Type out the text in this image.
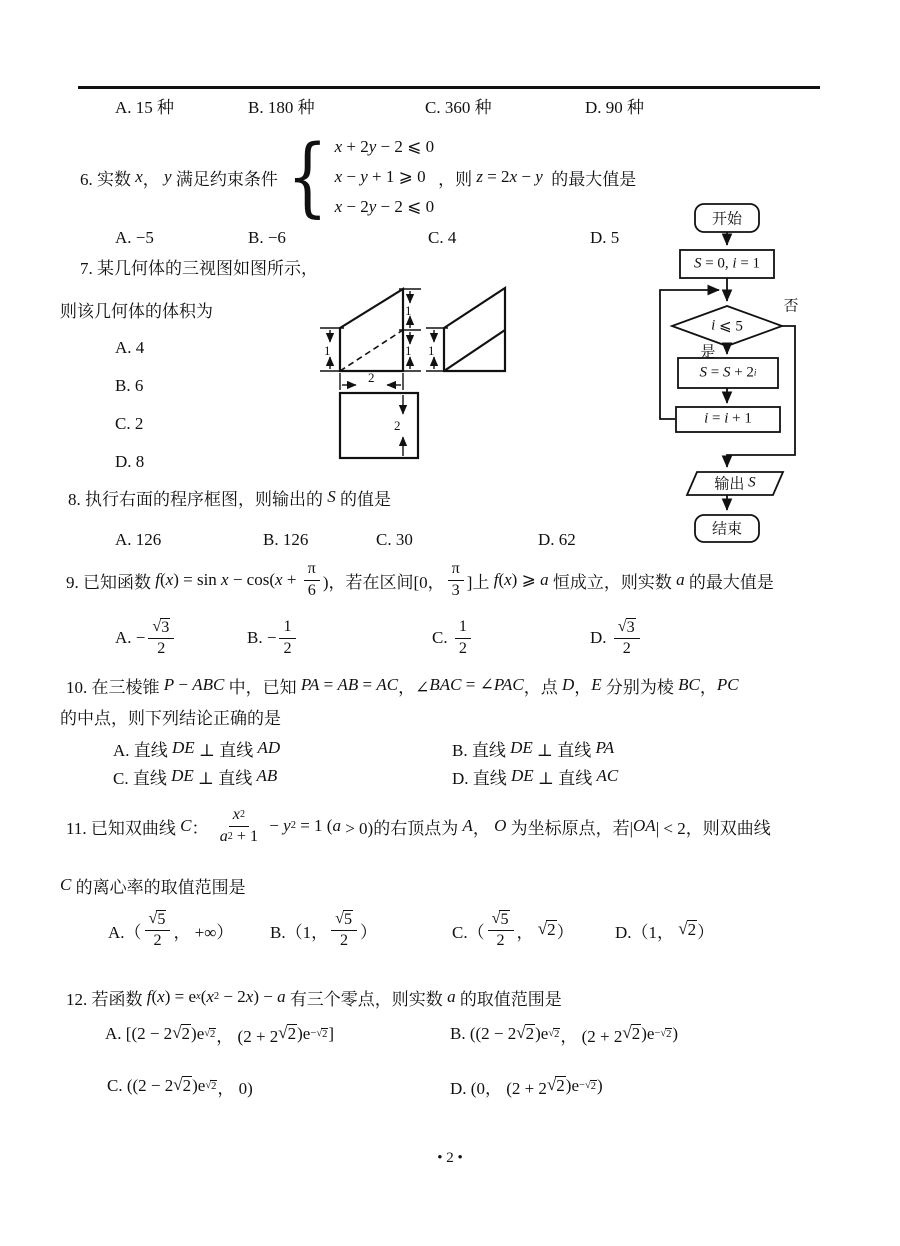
A. 15 种	B. 180 种	C. 360 种	D. 90 种
6. 实数 x ， y 满足约束条件 { x + 2 y − 2 ⩽ 0
x − y + 1 ⩾ 0
x − 2 y − 2 ⩽ 0
，则 z = 2 x − y 的最大值是
A. −5	B. −6	C. 4	D. 5
7. 某几何体的三视图如图所示，
则该几何体的体积为
A. 4
B. 6
C. 2
D. 8
1
1
1
2
1
2
开始
S = 0, i = 1
i ⩽ 5
是
否
S = S + 2 i
i = i + 1
输出 S
结束
8. 执行右面的程序框图，则输出的 S 的值是
A. 126	B. 126	C. 30	D. 62
9. 已知函数 f ( x ) = sin x − cos( $x + \frac{\pi}{6}$ )，若在区间[0， $\frac{\pi}{3}$ ]上 f ( x ) ⩾ a 恒成立，则实数 a 的最大值是
A. − $\frac{√ 3}{2}$	B. − $\frac{1}{2}$	C. $\frac{1}{2}$	D. $\frac{√ 3}{2}$
10. 在三棱锥 P − ABC 中，已知 PA = AB = AC ，∠ BAC = ∠ PAC ，点 D ， E 分别为棱 BC ， PC
的中点，则下列结论正确的是
A. 直线 DE ⊥ 直线 AD	B. 直线 DE ⊥ 直线 PA
C. 直线 DE ⊥ 直线 AB	D. 直线 DE ⊥ 直线 AC
11. 已知双曲线 C ： $\frac{x 2}{a 2 + 1} - y$ 2 = 1 ( a > 0)的右顶点为 A ， O 为坐标原点，若| OA | < 2，则双曲线
C 的离心率的取值范围是
$A.( \frac{√ 5}{2}$ ， +∞） B.（1， $\frac{√ 5}{2}$ ）	$C.( \frac{√ 5}{2}$ ， √ 2 ） D.（1， √ 2 ）
12. 若函数 f ( x ) = e x ( x 2 − 2 x ) − a 有三个零点，则实数 a 的取值范围是
A. [(2 − 2 √ 2 )e √ 2 ， (2 + 2 √ 2 )e − √ 2 ]	B. ((2 − 2 √ 2 )e √ 2 ， (2 + 2 √ 2 )e − √ 2 )
C. ((2 − 2 √ 2 )e √ 2 ， 0)	D. (0， (2 + 2 √ 2 )e − √ 2 )
• 2 •
